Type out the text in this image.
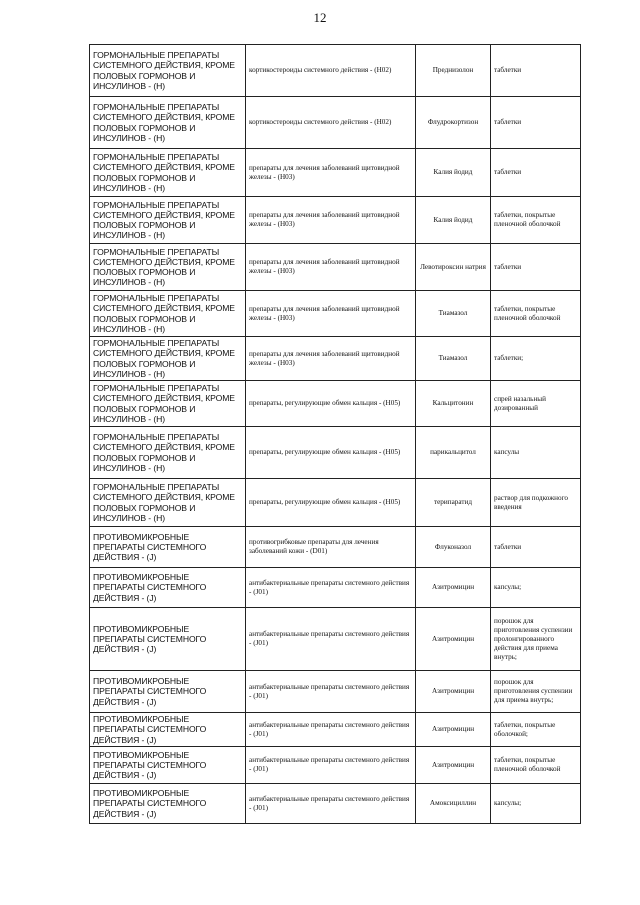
12
ГОРМОНАЛЬНЫЕ ПРЕПАРАТЫ СИСТЕМНОГО ДЕЙСТВИЯ, КРОМЕ ПОЛОВЫХ ГОРМОНОВ И ИНСУЛИНОВ - (Н)	кортикостероиды системного действия - (Н02)	Преднизолон	таблетки
ГОРМОНАЛЬНЫЕ ПРЕПАРАТЫ СИСТЕМНОГО ДЕЙСТВИЯ, КРОМЕ ПОЛОВЫХ ГОРМОНОВ И ИНСУЛИНОВ - (Н)	кортикостероиды системного действия - (Н02)	Флудрокортизон	таблетки
ГОРМОНАЛЬНЫЕ ПРЕПАРАТЫ СИСТЕМНОГО ДЕЙСТВИЯ, КРОМЕ ПОЛОВЫХ ГОРМОНОВ И ИНСУЛИНОВ - (Н)	препараты для лечения заболеваний щитовидной железы - (Н03)	Калия йодид	таблетки
ГОРМОНАЛЬНЫЕ ПРЕПАРАТЫ СИСТЕМНОГО ДЕЙСТВИЯ, КРОМЕ ПОЛОВЫХ ГОРМОНОВ И ИНСУЛИНОВ - (Н)	препараты для лечения заболеваний щитовидной железы - (Н03)	Калия йодид	таблетки, покрытые пленочной оболочкой
ГОРМОНАЛЬНЫЕ ПРЕПАРАТЫ СИСТЕМНОГО ДЕЙСТВИЯ, КРОМЕ ПОЛОВЫХ ГОРМОНОВ И ИНСУЛИНОВ - (Н)	препараты для лечения заболеваний щитовидной железы - (Н03)	Левотироксин натрия	таблетки
ГОРМОНАЛЬНЫЕ ПРЕПАРАТЫ СИСТЕМНОГО ДЕЙСТВИЯ, КРОМЕ ПОЛОВЫХ ГОРМОНОВ И ИНСУЛИНОВ - (Н)	препараты для лечения заболеваний щитовидной железы - (Н03)	Тиамазол	таблетки, покрытые пленочной оболочкой
ГОРМОНАЛЬНЫЕ ПРЕПАРАТЫ СИСТЕМНОГО ДЕЙСТВИЯ, КРОМЕ ПОЛОВЫХ ГОРМОНОВ И ИНСУЛИНОВ - (Н)	препараты для лечения заболеваний щитовидной железы - (Н03)	Тиамазол	таблетки;
ГОРМОНАЛЬНЫЕ ПРЕПАРАТЫ СИСТЕМНОГО ДЕЙСТВИЯ, КРОМЕ ПОЛОВЫХ ГОРМОНОВ И ИНСУЛИНОВ - (Н)	препараты, регулирующие обмен кальция - (Н05)	Кальцитонин	спрей назальный дозированный
ГОРМОНАЛЬНЫЕ ПРЕПАРАТЫ СИСТЕМНОГО ДЕЙСТВИЯ, КРОМЕ ПОЛОВЫХ ГОРМОНОВ И ИНСУЛИНОВ - (Н)	препараты, регулирующие обмен кальция - (Н05)	парикальцитол	капсулы
ГОРМОНАЛЬНЫЕ ПРЕПАРАТЫ СИСТЕМНОГО ДЕЙСТВИЯ, КРОМЕ ПОЛОВЫХ ГОРМОНОВ И ИНСУЛИНОВ - (Н)	препараты, регулирующие обмен кальция - (Н05)	терипаратид	раствор для подкожного введения
ПРОТИВОМИКРОБНЫЕ ПРЕПАРАТЫ СИСТЕМНОГО ДЕЙСТВИЯ - (J)	противогрибковые препараты для лечения заболеваний кожи - (D01)	Флуконазол	таблетки
ПРОТИВОМИКРОБНЫЕ ПРЕПАРАТЫ СИСТЕМНОГО ДЕЙСТВИЯ - (J)	антибактериальные препараты системного действия - (J01)	Азитромицин	капсулы;
ПРОТИВОМИКРОБНЫЕ ПРЕПАРАТЫ СИСТЕМНОГО ДЕЙСТВИЯ - (J)	антибактериальные препараты системного действия - (J01)	Азитромицин	порошок для приготовления суспензии пролонгированного действия для приема внутрь;
ПРОТИВОМИКРОБНЫЕ ПРЕПАРАТЫ СИСТЕМНОГО ДЕЙСТВИЯ - (J)	антибактериальные препараты системного действия - (J01)	Азитромицин	порошок для приготовления суспензии для приема внутрь;
ПРОТИВОМИКРОБНЫЕ ПРЕПАРАТЫ СИСТЕМНОГО ДЕЙСТВИЯ - (J)	антибактериальные препараты системного действия - (J01)	Азитромицин	таблетки, покрытые оболочкой;
ПРОТИВОМИКРОБНЫЕ ПРЕПАРАТЫ СИСТЕМНОГО ДЕЙСТВИЯ - (J)	антибактериальные препараты системного действия - (J01)	Азитромицин	таблетки, покрытые пленочной оболочкой
ПРОТИВОМИКРОБНЫЕ ПРЕПАРАТЫ СИСТЕМНОГО ДЕЙСТВИЯ - (J)	антибактериальные препараты системного действия - (J01)	Амоксициллин	капсулы;
